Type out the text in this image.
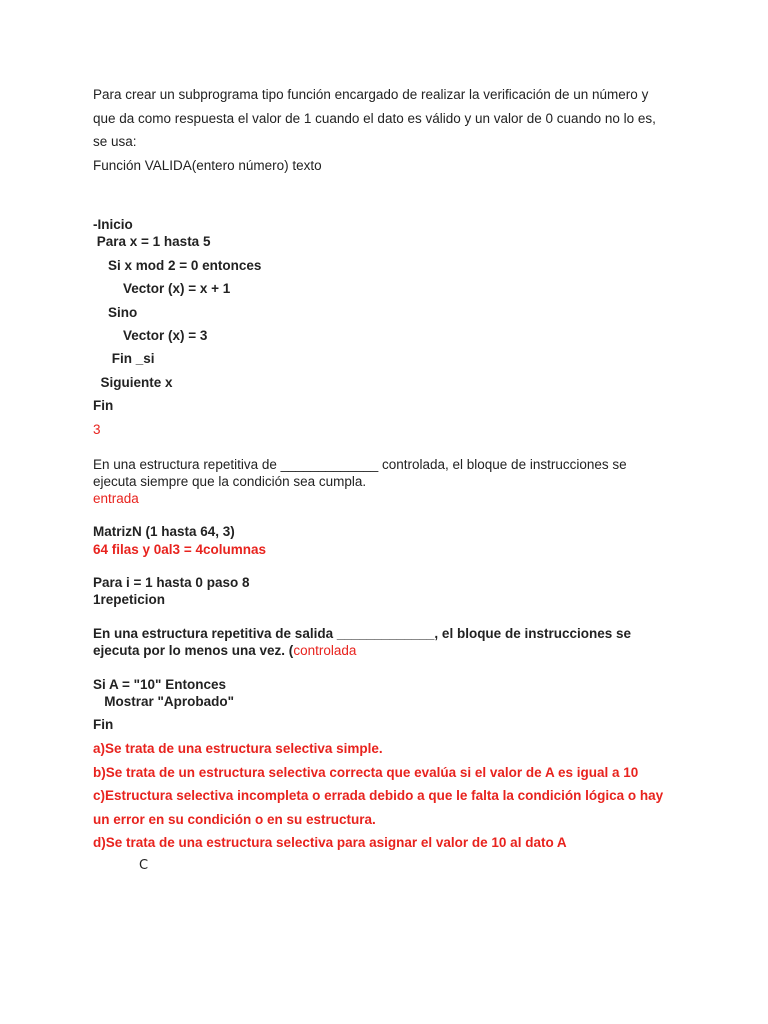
Para crear un subprograma tipo función encargado de realizar la verificación de un número y
que da como respuesta el valor de 1 cuando el dato es válido y un valor de 0 cuando no lo es,
se usa:
Función VALIDA(entero número) texto
-Inicio
Para x = 1 hasta 5
Si x mod 2 = 0 entonces
Vector (x) = x + 1
Sino
Vector (x) = 3
Fin _si
Siguiente x
Fin
3
En una estructura repetitiva de _____________ controlada, el bloque de instrucciones se
ejecuta siempre que la condición sea cumpla.
entrada
MatrizN (1 hasta 64, 3)
64 filas y 0al3 = 4columnas
Para i = 1 hasta 0 paso 8
1repeticion
En una estructura repetitiva de salida _____________, el bloque de instrucciones se
ejecuta por lo menos una vez. (controlada
Si A = "10" Entonces
Mostrar "Aprobado"
Fin
a)Se trata de una estructura selectiva simple.
b)Se trata de un estructura selectiva correcta que evalúa si el valor de A es igual a 10
c)Estructura selectiva incompleta o errada debido a que le falta la condición lógica o hay
un error en su condición o en su estructura.
d)Se trata de una estructura selectiva para asignar el valor de 10 al dato A
C
